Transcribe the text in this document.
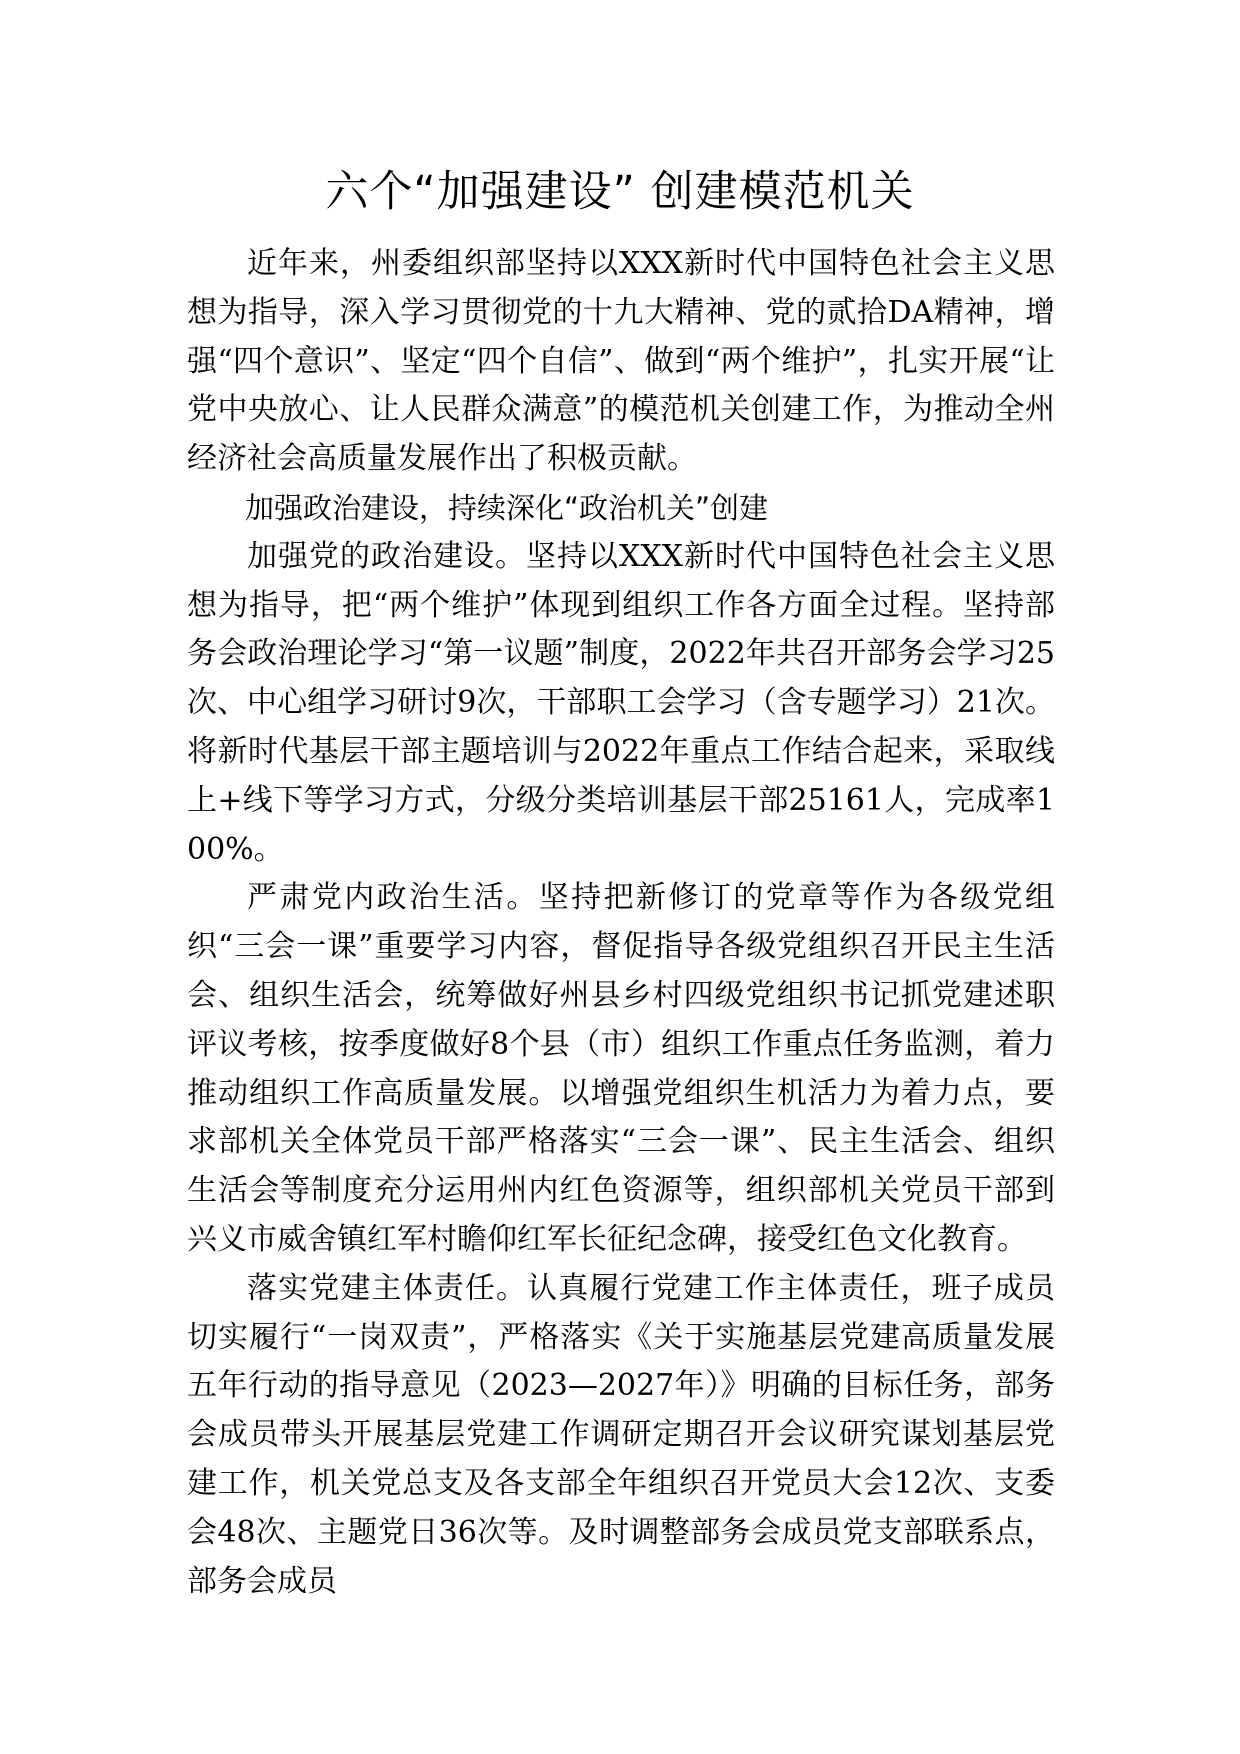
六个“加强建设” 创建模范机关

近年来，州委组织部坚持以XXX新时代中国特色社会主义思想为指导，深入学习贯彻党的十九大精神、党的贰拾DA精神，增强“四个意识”、坚定“四个自信”、做到“两个维护”，扎实开展“让党中央放心、让人民群众满意”的模范机关创建工作，为推动全州经济社会高质量发展作出了积极贡献。

加强政治建设，持续深化“政治机关”创建

加强党的政治建设。坚持以XXX新时代中国特色社会主义思想为指导，把“两个维护”体现到组织工作各方面全过程。坚持部务会政治理论学习“第一议题”制度，2022年共召开部务会学习25次、中心组学习研讨9次，干部职工会学习（含专题学习）21次。将新时代基层干部主题培训与2022年重点工作结合起来，采取线上+线下等学习方式，分级分类培训基层干部25161人，完成率100%。

严肃党内政治生活。坚持把新修订的党章等作为各级党组织“三会一课”重要学习内容，督促指导各级党组织召开民主生活会、组织生活会，统筹做好州县乡村四级党组织书记抓党建述职评议考核，按季度做好8个县（市）组织工作重点任务监测，着力推动组织工作高质量发展。以增强党组织生机活力为着力点，要求部机关全体党员干部严格落实“三会一课”、民主生活会、组织生活会等制度充分运用州内红色资源等，组织部机关党员干部到兴义市威舍镇红军村瞻仰红军长征纪念碑，接受红色文化教育。

落实党建主体责任。认真履行党建工作主体责任，班子成员切实履行“一岗双责”，严格落实《关于实施基层党建高质量发展五年行动的指导意见（2023—2027年）》明确的目标任务，部务会成员带头开展基层党建工作调研定期召开会议研究谋划基层党建工作，机关党总支及各支部全年组织召开党员大会12次、支委会48次、主题党日36次等。及时调整部务会成员党支部联系点，部务会成员
